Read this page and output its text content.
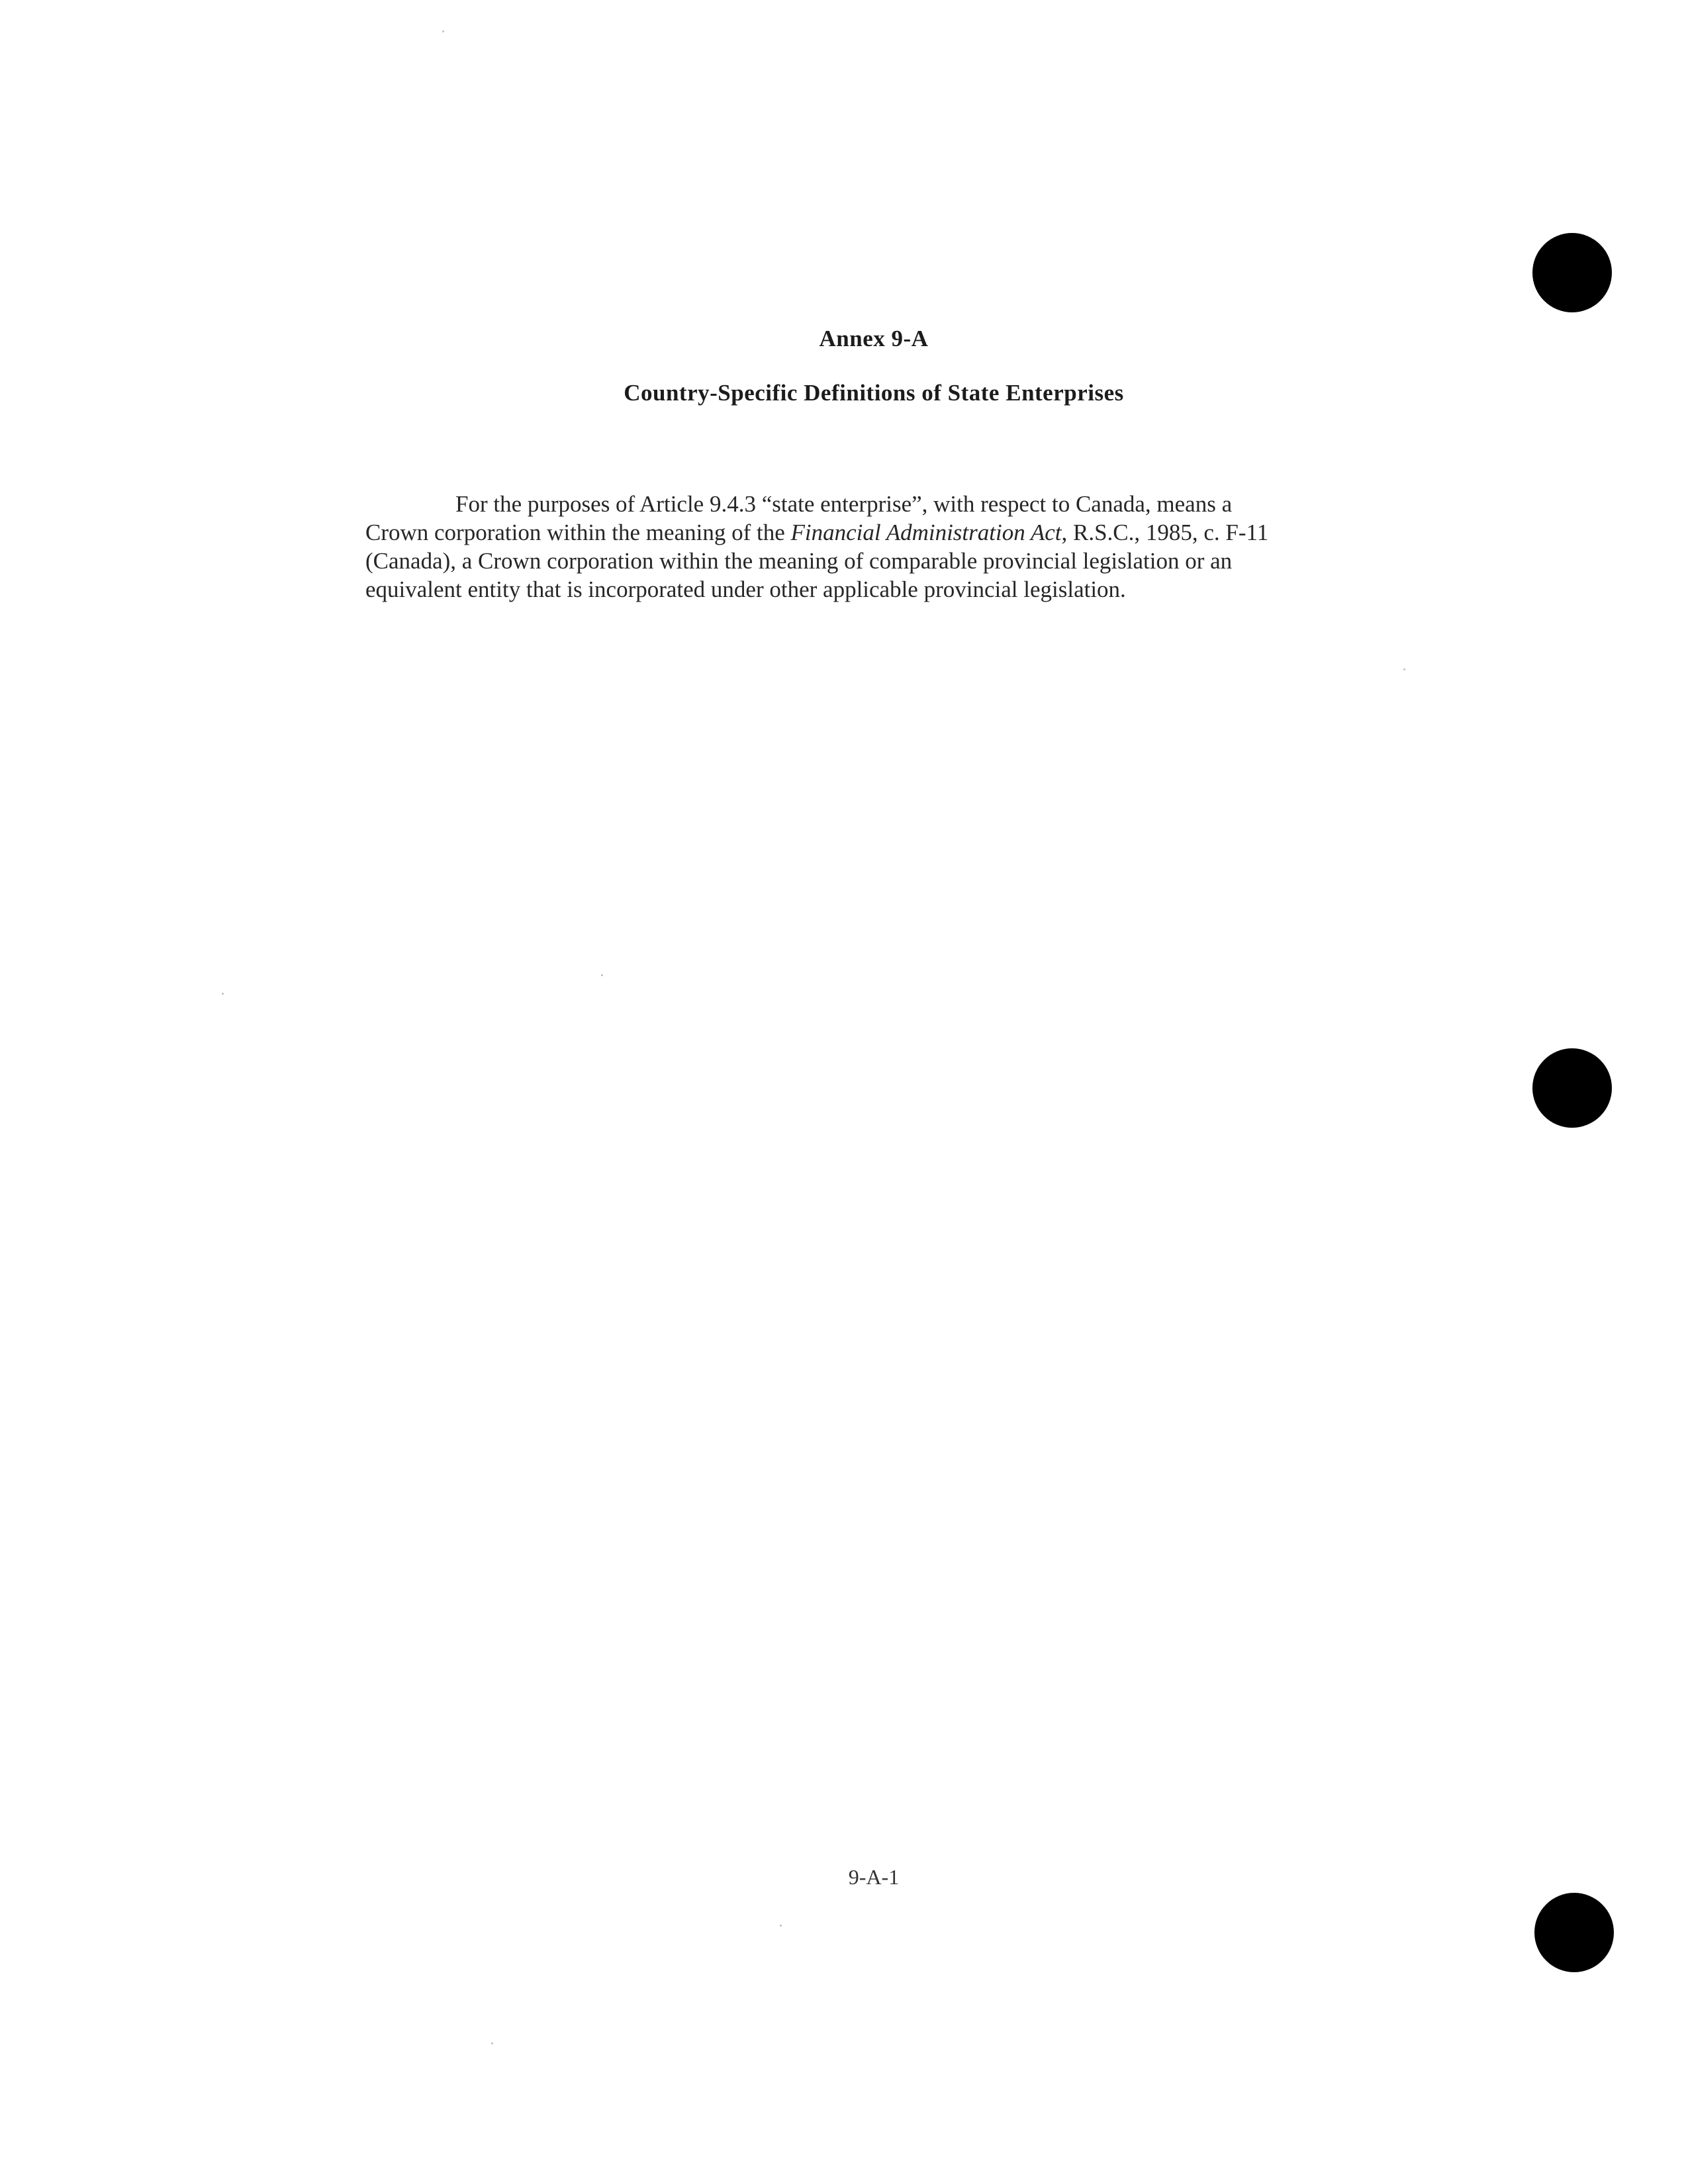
Annex 9-A
Country-Specific Definitions of State Enterprises
For the purposes of Article 9.4.3 “state enterprise”, with respect to Canada, means a
Crown corporation within the meaning of the Financial Administration Act, R.S.C., 1985, c. F-11
(Canada), a Crown corporation within the meaning of comparable provincial legislation or an
equivalent entity that is incorporated under other applicable provincial legislation.
9-A-1
